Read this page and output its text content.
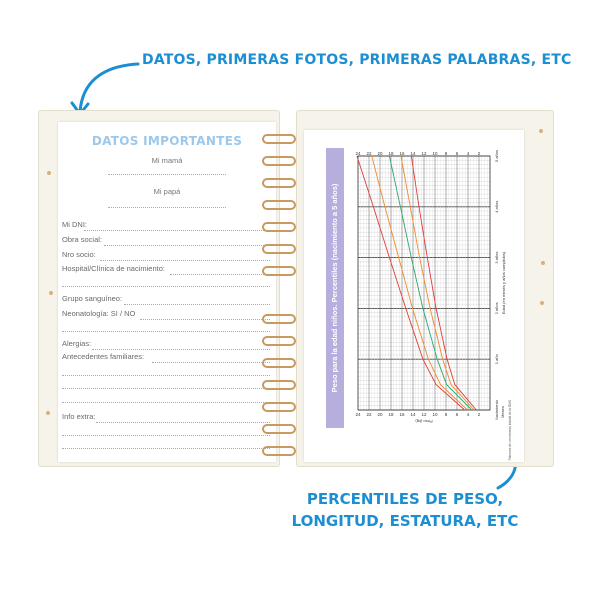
DATOS, PRIMERAS FOTOS, PRIMERAS PALABRAS, ETC
PERCENTILES DE PESO,
LONGITUD, ESTATURA, ETC
DATOS IMPORTANTES
Mi mamá
Mi papá
Mi DNI:
Obra social:
Nro socio:
Hospital/Clínica de nacimiento:
Grupo sanguíneo:
Neonatología: SI / NO
Alergias:
Antecedentes familiares:
Info extra:
Peso para la edad niños. Percentiles (nacimiento a 5 años)
24
24
22
22
20
20
18
18
16
16
14
14
12
12
10
10
8
8
6
6
4
4
2
2
Peso (kg)
Nacimiento
1 año
2 años
3 años
4 años
5 años
Meses
Edad (en meses y años cumplidos)
Patrones de crecimiento infantil de la OMS
